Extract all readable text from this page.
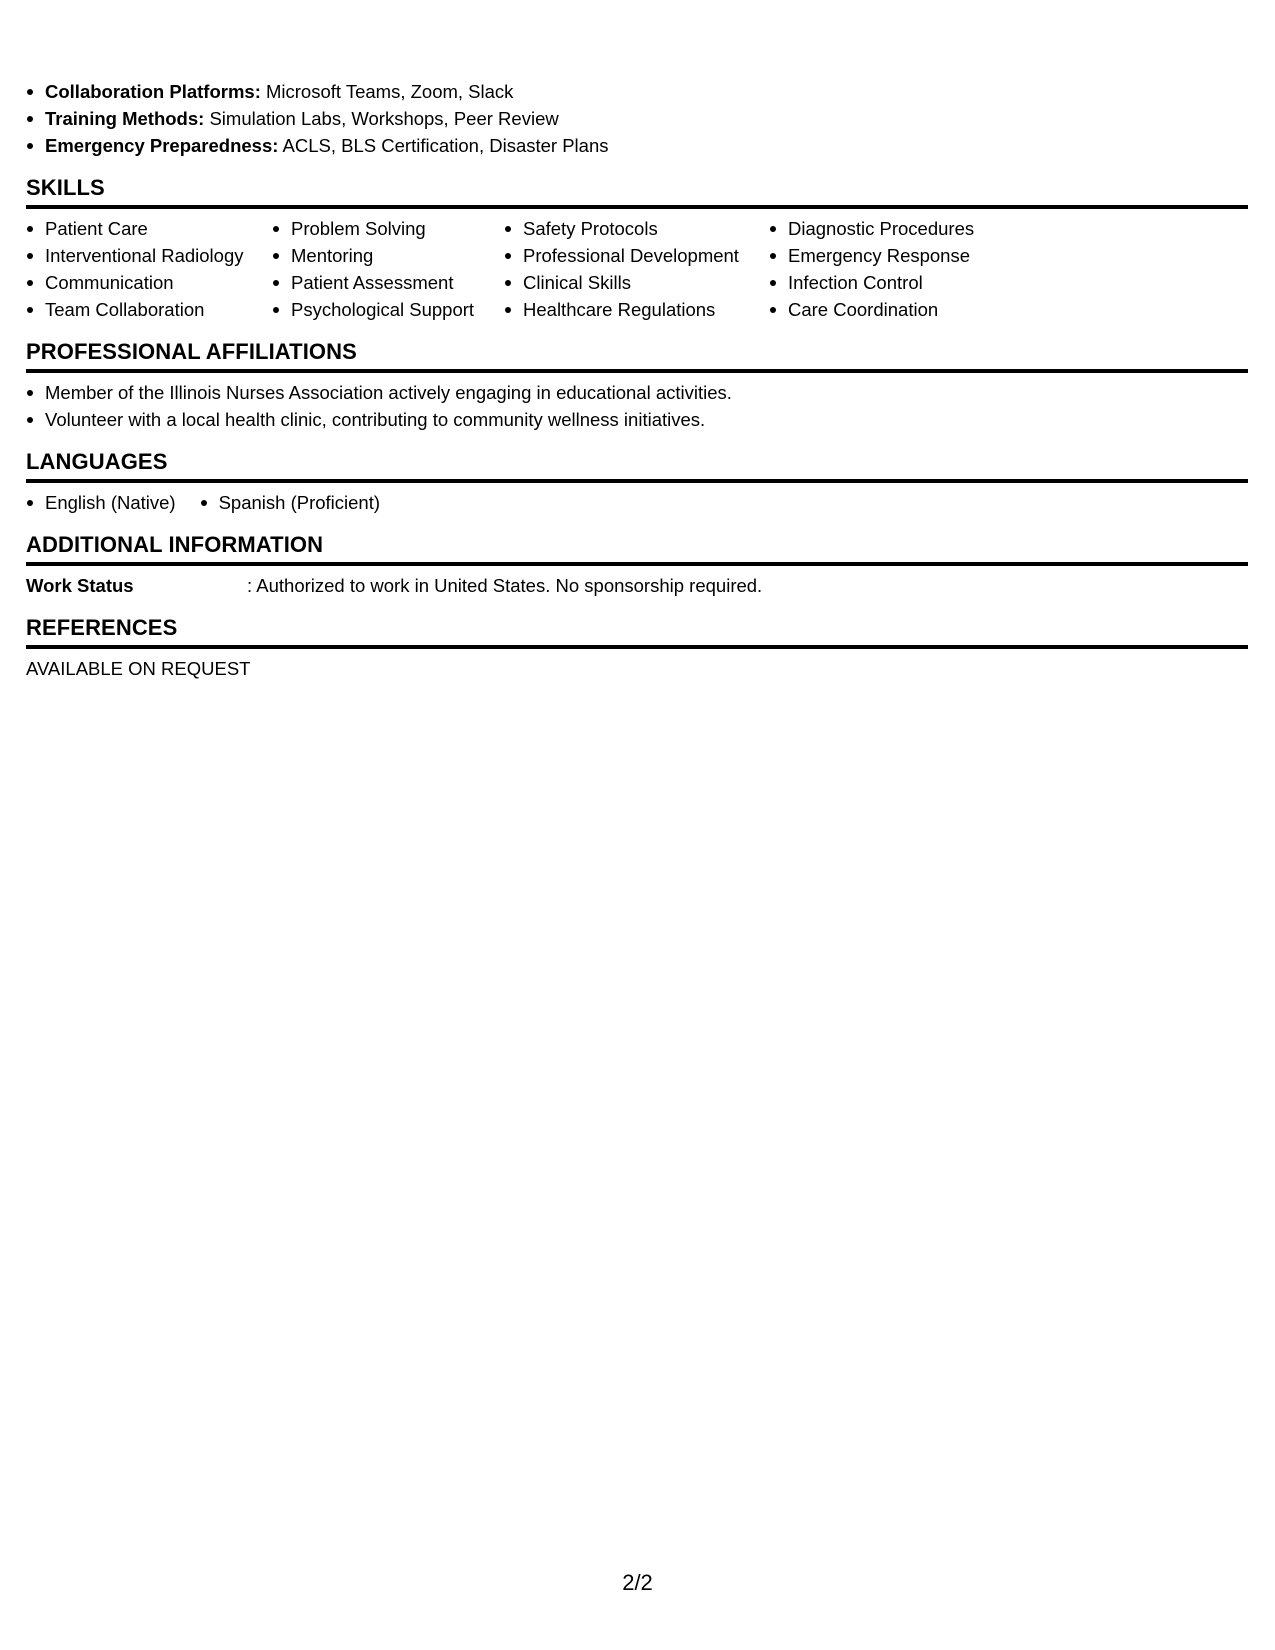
Collaboration Platforms: Microsoft Teams, Zoom, Slack
Training Methods: Simulation Labs, Workshops, Peer Review
Emergency Preparedness: ACLS, BLS Certification, Disaster Plans
SKILLS
Patient Care
Interventional Radiology
Communication
Team Collaboration
Problem Solving
Mentoring
Patient Assessment
Psychological Support
Safety Protocols
Professional Development
Clinical Skills
Healthcare Regulations
Diagnostic Procedures
Emergency Response
Infection Control
Care Coordination
PROFESSIONAL AFFILIATIONS
Member of the Illinois Nurses Association actively engaging in educational activities.
Volunteer with a local health clinic, contributing to community wellness initiatives.
LANGUAGES
English (Native)	Spanish (Proficient)
ADDITIONAL INFORMATION
Work Status	: Authorized to work in United States. No sponsorship required.
REFERENCES
AVAILABLE ON REQUEST
2/2
